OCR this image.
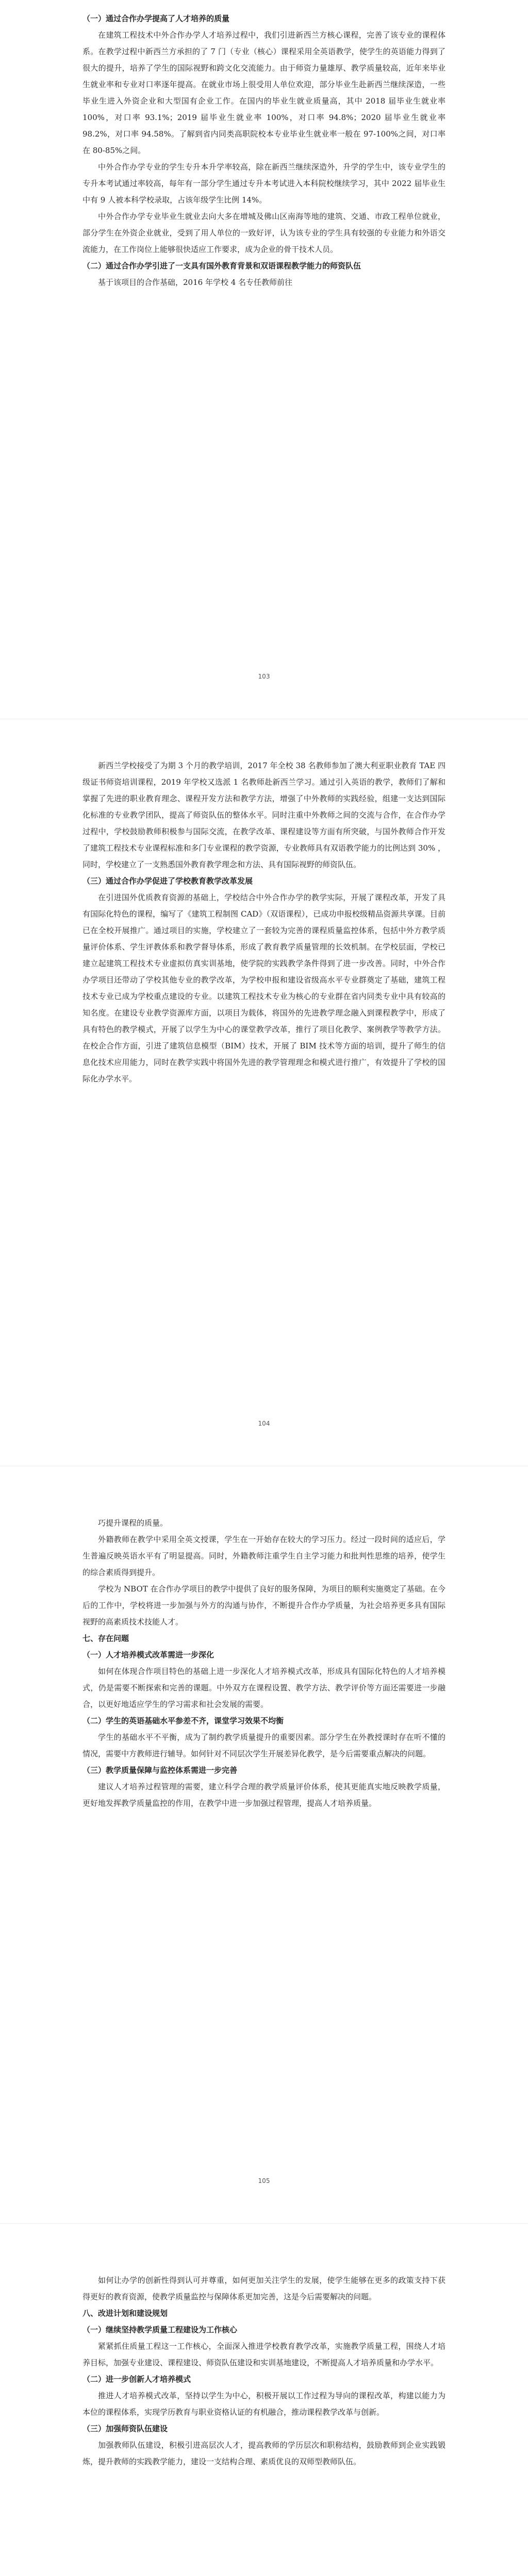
（一）通过合作办学提高了人才培养的质量

在建筑工程技术中外合作办学人才培养过程中，我们引进新西兰方核心课程，完善了该专业的课程体系。在教学过程中新西兰方承担的了 7 门（专业（核心）课程采用全英语教学，使学生的英语能力得到了很大的提升，培养了学生的国际视野和跨文化交流能力。由于师资力量雄厚、教学质量较高，近年来毕业生就业率和专业对口率逐年提高。在就业市场上很受用人单位欢迎，部分毕业生赴新西兰继续深造，一些毕业生进入外资企业和大型国有企业工作。在国内的毕业生就业质量高，其中 2018 届毕业生就业率 100%，对口率 93.1%；2019 届毕业生就业率 100%，对口率 94.8%；2020 届毕业生就业率 98.2%，对口率 94.58%。了解到省内同类高职院校本专业毕业生就业率一般在 97-100%之间，对口率在 80-85%之间。

中外合作办学专业的学生专升本升学率较高，除在新西兰继续深造外，升学的学生中，该专业学生的专升本考试通过率较高，每年有一部分学生通过专升本考试进入本科院校继续学习，其中 2022 届毕业生中有 9 人被本科学校录取，占该年级学生比例 14%。

中外合作办学专业毕业生就业去向大多在增城及佛山区南海等地的建筑、交通、市政工程单位就业，部分学生在外资企业就业，受到了用人单位的一致好评，认为该专业的学生具有较强的专业能力和外语交流能力，在工作岗位上能够很快适应工作要求，成为企业的骨干技术人员。

（二）通过合作办学引进了一支具有国外教育背景和双语课程教学能力的师资队伍

基于该项目的合作基础，2016 年学校 4 名专任教师前往

103

新西兰学校接受了为期 3 个月的教学培训，2017 年全校 38 名教师参加了澳大利亚职业教育 TAE 四级证书师资培训课程，2019 年学校又选派 1 名教师赴新西兰学习。通过引入英语的教学，教师们了解和掌握了先进的职业教育理念、课程开发方法和教学方法，增强了中外教师的实践经验，组建一支达到国际化标准的专业教学团队，提高了师资队伍的整体水平。同时注重中外教师之间的交流与合作，在合作办学过程中，学校鼓励教师积极参与国际交流，在教学改革、课程建设等方面有所突破，与国外教师合作开发了建筑工程技术专业课程标准和多门专业课程的教学资源，专业教师具有双语教学能力的比例达到 30% ，同时，学校建立了一支熟悉国外教育教学理念和方法、具有国际视野的师资队伍。

（三）通过合作办学促进了学校教育教学改革发展

在引进国外优质教育资源的基础上，学校结合中外合作办学的教学实际，开展了课程改革，开发了具有国际化特色的课程，编写了《建筑工程制图 CAD》（双语课程），已成功申报校级精品资源共享课。目前已在全校开展推广。通过项目的实施，学校建立了一套较为完善的课程质量监控体系，包括中外方教学质量评价体系、学生评教体系和教学督导体系，形成了教育教学质量管理的长效机制。在学校层面，学校已建立起建筑工程技术专业虚拟仿真实训基地，使学院的实践教学条件得到了进一步改善。同时，中外合作办学项目还带动了学校其他专业的教学改革，为学校申报和建设省级高水平专业群奠定了基础，建筑工程技术专业已成为学校重点建设的专业。以建筑工程技术专业为核心的专业群在省内同类专业中具有较高的知名度。在建设专业教学资源库方面，以项目为载体，将国外的先进教学理念融入到课程教学中，形成了具有特色的教学模式，开展了以学生为中心的课堂教学改革，推行了项目化教学、案例教学等教学方法。在校企合作方面，引进了建筑信息模型（BIM）技术，开展了 BIM 技术等方面的培训，提升了师生的信息化技术应用能力，同时在教学实践中将国外先进的教学管理理念和模式进行推广，有效提升了学校的国际化办学水平。

104

巧提升课程的质量。

外籍教师在教学中采用全英文授课，学生在一开始存在较大的学习压力。经过一段时间的适应后，学生普遍反映英语水平有了明显提高。同时，外籍教师注重学生自主学习能力和批判性思维的培养，使学生的综合素质得到提升。

学校为 NBOT 在合作办学项目的教学中提供了良好的服务保障，为项目的顺利实施奠定了基础。在今后的工作中，学校将进一步加强与外方的沟通与协作，不断提升合作办学质量，为社会培养更多具有国际视野的高素质技术技能人才。

七、存在问题

（一）人才培养模式改革需进一步深化

如何在体现合作项目特色的基础上进一步深化人才培养模式改革，形成具有国际化特色的人才培养模式，仍是需要不断探索和完善的课题。中外双方在课程设置、教学方法、教学评价等方面还需要进一步融合，以更好地适应学生的学习需求和社会发展的需要。

（二）学生的英语基础水平参差不齐，课堂学习效果不均衡

学生的基础水平不平衡，成为了制约教学质量提升的重要因素。部分学生在外教授课时存在听不懂的情况，需要中方教师进行辅导。如何针对不同层次学生开展差异化教学，是今后需要重点解决的问题。

（三）教学质量保障与监控体系需进一步完善

建议人才培养过程管理的需要，建立科学合理的教学质量评价体系，使其更能真实地反映教学质量，更好地发挥教学质量监控的作用，在教学中进一步加强过程管理，提高人才培养质量。

105

如何让办学的创新性得到认可并尊重，如何更加关注学生的发展，使学生能够在更多的政策支持下获得更好的教育资源，使教学质量监控与保障体系更加完善，这是今后需要解决的问题。

八、改进计划和建设规划

（一）继续坚持教学质量工程建设为工作核心

紧紧抓住质量工程这一工作核心，全面深入推进学校教育教学改革，实施教学质量工程，围绕人才培养目标，加强专业建设、课程建设、师资队伍建设和实训基地建设，不断提高人才培养质量和办学水平。

（二）进一步创新人才培养模式

推进人才培养模式改革，坚持以学生为中心，积极开展以工作过程为导向的课程改革，构建以能力为本位的课程体系，实现学历教育与职业资格认证的有机融合，推动课程教学改革与创新。

（三）加强师资队伍建设

加强教师队伍建设，积极引进高层次人才，提高教师的学历层次和职称结构，鼓励教师到企业实践锻炼，提升教师的实践教学能力，建设一支结构合理、素质优良的双师型教师队伍。
